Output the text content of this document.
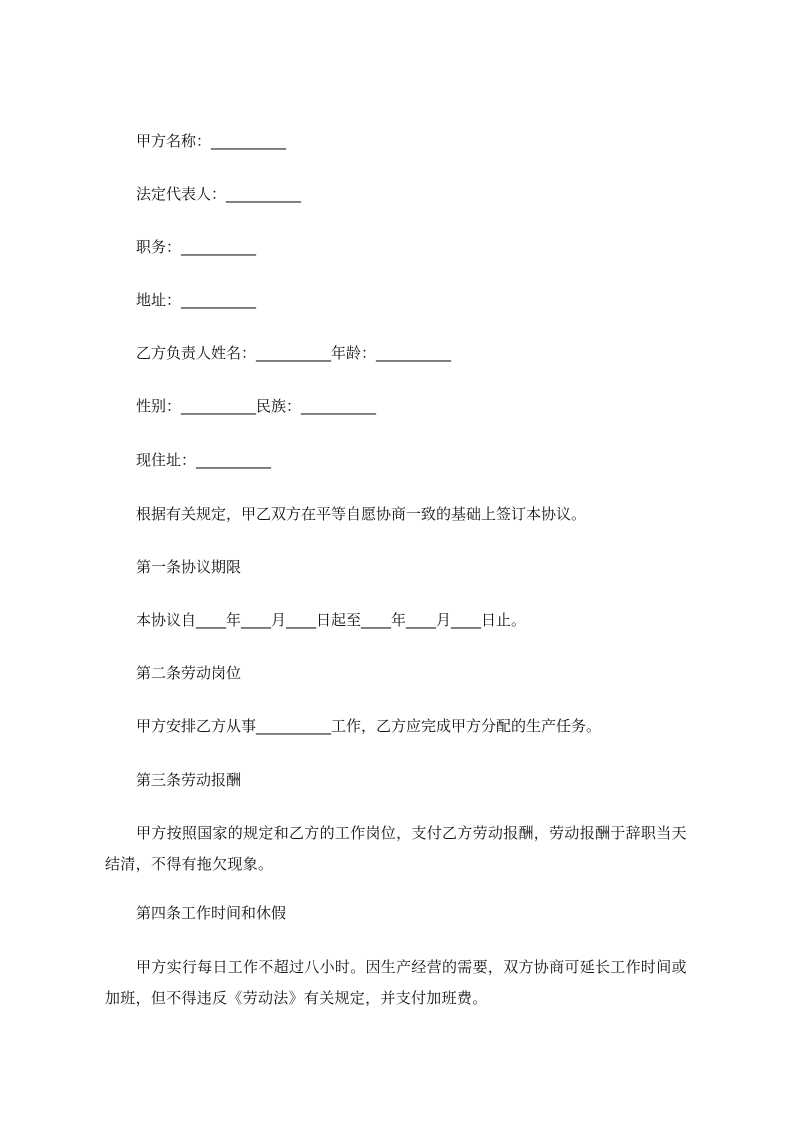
甲方名称：__________
法定代表人：__________
职务：__________
地址：__________
乙方负责人姓名：__________年龄：__________
性别：__________民族：__________
现住址：__________
根据有关规定，甲乙双方在平等自愿协商一致的基础上签订本协议。
第一条协议期限
本协议自____年____月____日起至____年____月____日止。
第二条劳动岗位
甲方安排乙方从事__________工作，乙方应完成甲方分配的生产任务。
第三条劳动报酬
甲方按照国家的规定和乙方的工作岗位，支付乙方劳动报酬，劳动报酬于辞职当天结清，不得有拖欠现象。
第四条工作时间和休假
甲方实行每日工作不超过八小时。因生产经营的需要，双方协商可延长工作时间或加班，但不得违反《劳动法》有关规定，并支付加班费。
